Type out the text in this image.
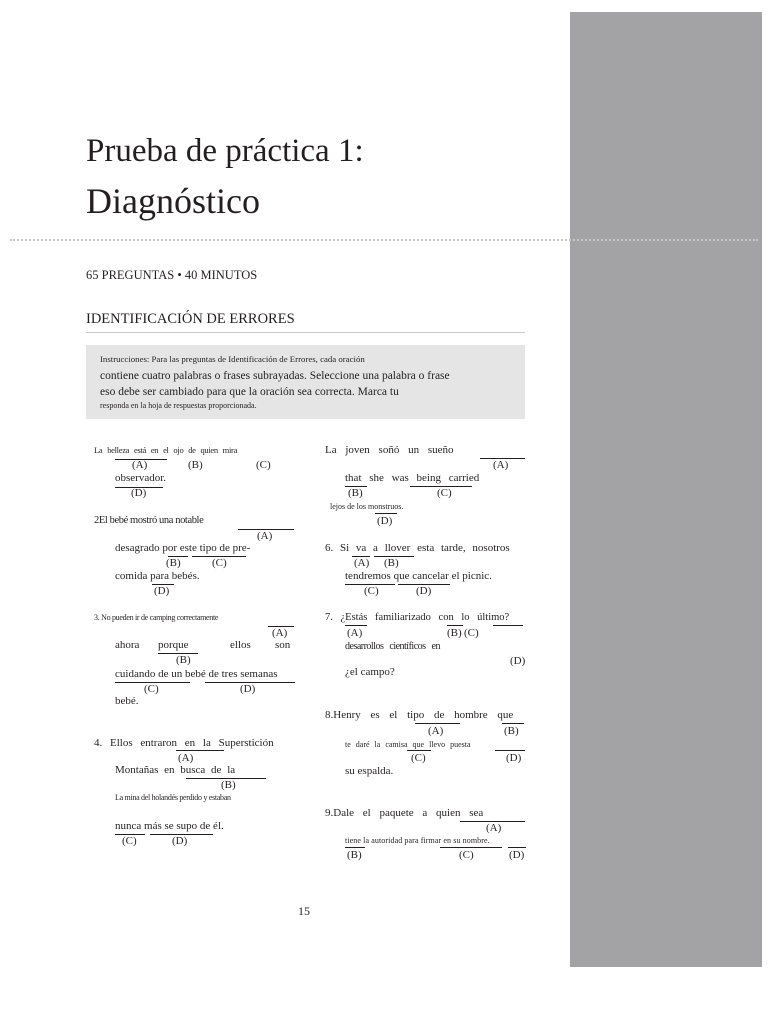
Prueba de práctica 1:
Diagnóstico
65 PREGUNTAS • 40 MINUTOS
IDENTIFICACIÓN DE ERRORES
Instrucciones: Para las preguntas de Identificación de Errores, cada oración
contiene cuatro palabras o frases subrayadas. Seleccione una palabra o frase
eso debe ser cambiado para que la oración sea correcta. Marca tu
responda en la hoja de respuestas proporcionada.
La belleza está en el ojo de quien mira
(A)	(B)	(C)
observador.
(D)
2El bebé mostró una notable
(A)
desagrado por este tipo de pre-
(B)	(C)
comida para bebés.
(D)
3. No pueden ir de camping correctamente
(A)
ahora porque	ellos son
(B)
cuidando de un bebé de tres semanas
(C)	(D)
bebé.
4. Ellos entraron en la Superstición
(A)
Montañas en busca de la
(B)
La mina del holandés perdido y estaban
nunca más se supo de él.
(C)	(D)
La joven soñó un sueño
(A)
that she was being carried
(B)	(C)
lejos de los monstruos.
(D)
6. Si va a llover esta tarde, nosotros
(A) (B)
tendremos que cancelar el picnic.
(C)	(D)
7. ¿Estás familiarizado con lo último?
(A)	(B) (C)
desarrollos científicos en
(D)
¿el campo?
8.Henry es el tipo de hombre que
(A)	(B)
te daré la camisa que llevo puesta
(C)	(D)
su espalda.
9.Dale el paquete a quien sea
(A)
tiene la autoridad para firmar en su nombre.
(B)	(C)	(D)
15
